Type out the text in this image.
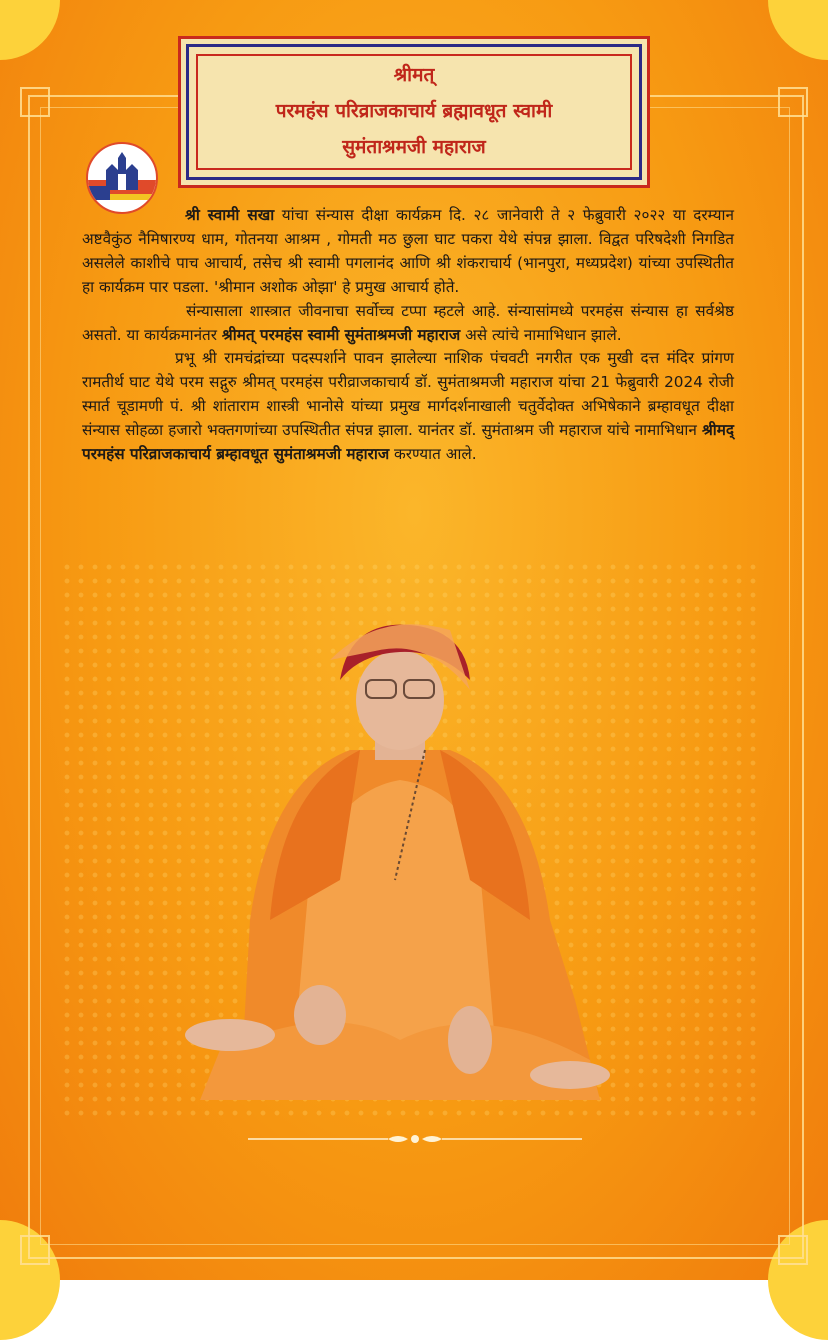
श्रीमत्
परमहंस परिव्राजकाचार्य ब्रह्मावधूत स्वामी
सुमंताश्रमजी महाराज

श्री स्वामी सखा यांचा संन्यास दीक्षा कार्यक्रम दि. २८ जानेवारी ते २ फेब्रुवारी २०२२ या दरम्यान अष्टवैकुंठ नैमिषारण्य धाम, गोतनया आश्रम , गोमती मठ छुला घाट पकरा येथे संपन्न झाला. विद्वत परिषदेशी निगडित असलेले काशीचे पाच आचार्य, तसेच श्री स्वामी पगलानंद आणि श्री शंकराचार्य (भानपुरा, मध्यप्रदेश) यांच्या उपस्थितीत हा कार्यक्रम पार पडला. 'श्रीमान अशोक ओझा' हे प्रमुख आचार्य होते.

संन्यासाला शास्त्रात जीवनाचा सर्वोच्च टप्पा म्हटले आहे. संन्यासांमध्ये परमहंस संन्यास हा सर्वश्रेष्ठ असतो. या कार्यक्रमानंतर श्रीमत् परमहंस स्वामी सुमंताश्रमजी महाराज असे त्यांचे नामाभिधान झाले.

प्रभू श्री रामचंद्रांच्या पदस्पर्शाने पावन झालेल्या नाशिक पंचवटी नगरीत एक मुखी दत्त मंदिर प्रांगण रामतीर्थ घाट येथे परम सद्गुरु श्रीमत् परमहंस परीव्राजकाचार्य डॉ. सुमंताश्रमजी महाराज यांचा 21 फेब्रुवारी 2024 रोजी स्मार्त चूडामणी पं. श्री शांताराम शास्त्री भानोसे यांच्या प्रमुख मार्गदर्शनाखाली चतुर्वेदोक्त अभिषेकाने ब्रम्हावधूत दीक्षा संन्यास सोहळा हजारो भक्तगणांच्या उपस्थितीत संपन्न झाला. यानंतर डॉ. सुमंताश्रम जी महाराज यांचे नामाभिधान श्रीमद् परमहंस परिव्राजकाचार्य ब्रम्हावधूत सुमंताश्रमजी महाराज करण्यात आले.
